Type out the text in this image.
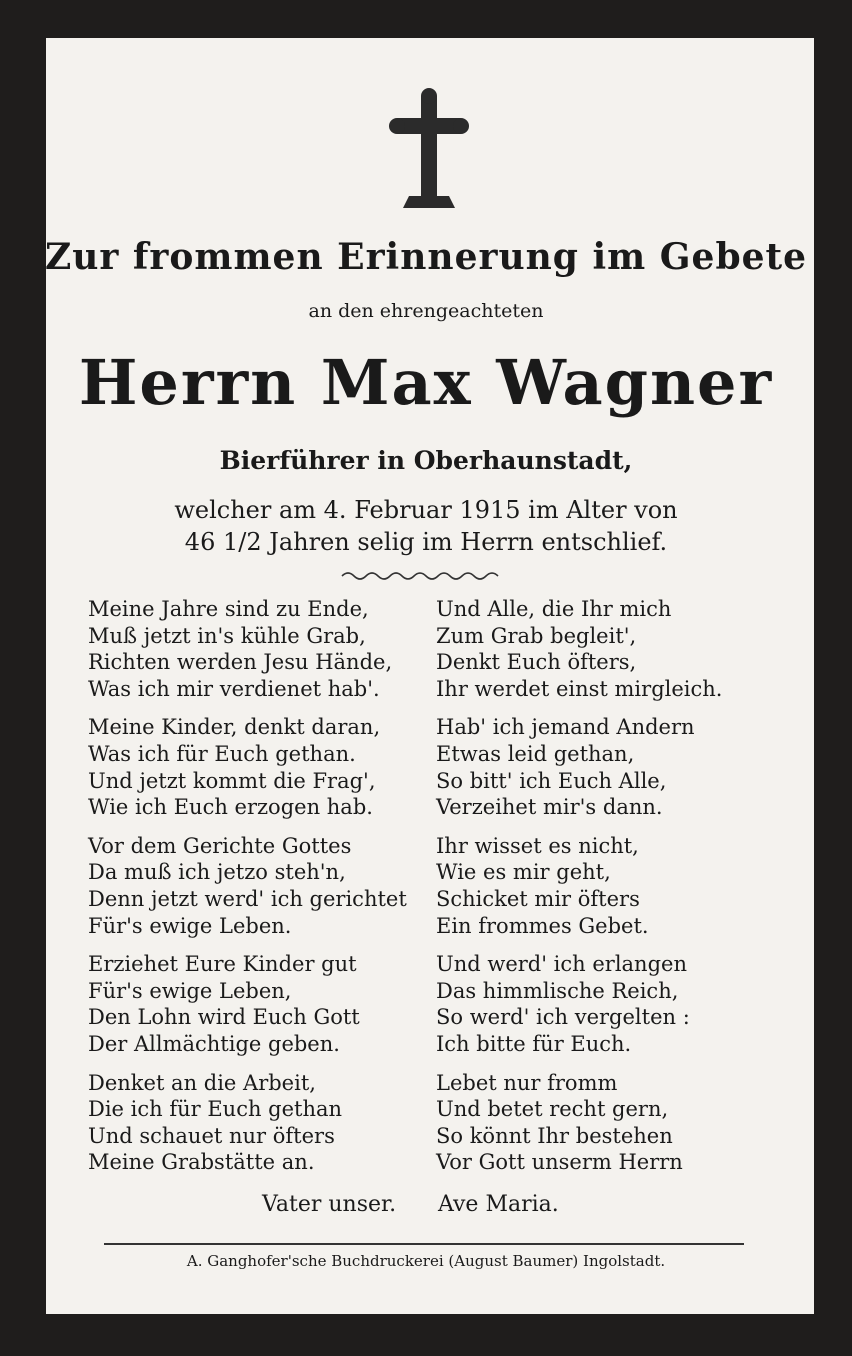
Zur frommen Erinnerung im Gebete
an den ehrengeachteten
Herrn Max Wagner
Bierführer in Oberhaunstadt,
welcher am 4. Februar 1915 im Alter von
46 1/2 Jahren selig im Herrn entschlief.
Meine Jahre sind zu Ende,
Muß jetzt in's kühle Grab,
Richten werden Jesu Hände,
Was ich mir verdienet hab'.
Und Alle, die Ihr mich
Zum Grab begleit',
Denkt Euch öfters,
Ihr werdet einst mirgleich.
Meine Kinder, denkt daran,
Was ich für Euch gethan.
Und jetzt kommt die Frag',
Wie ich Euch erzogen hab.
Hab' ich jemand Andern
Etwas leid gethan,
So bitt' ich Euch Alle,
Verzeihet mir's dann.
Vor dem Gerichte Gottes
Da muß ich jetzo steh'n,
Denn jetzt werd' ich gerichtet
Für's ewige Leben.
Ihr wisset es nicht,
Wie es mir geht,
Schicket mir öfters
Ein frommes Gebet.
Erziehet Eure Kinder gut
Für's ewige Leben,
Den Lohn wird Euch Gott
Der Allmächtige geben.
Und werd' ich erlangen
Das himmlische Reich,
So werd' ich vergelten :
Ich bitte für Euch.
Denket an die Arbeit,
Die ich für Euch gethan
Und schauet nur öfters
Meine Grabstätte an.
Lebet nur fromm
Und betet recht gern,
So könnt Ihr bestehen
Vor Gott unserm Herrn
Vater unser. Ave Maria.
A. Ganghofer'sche Buchdruckerei (August Baumer) Ingolstadt.
